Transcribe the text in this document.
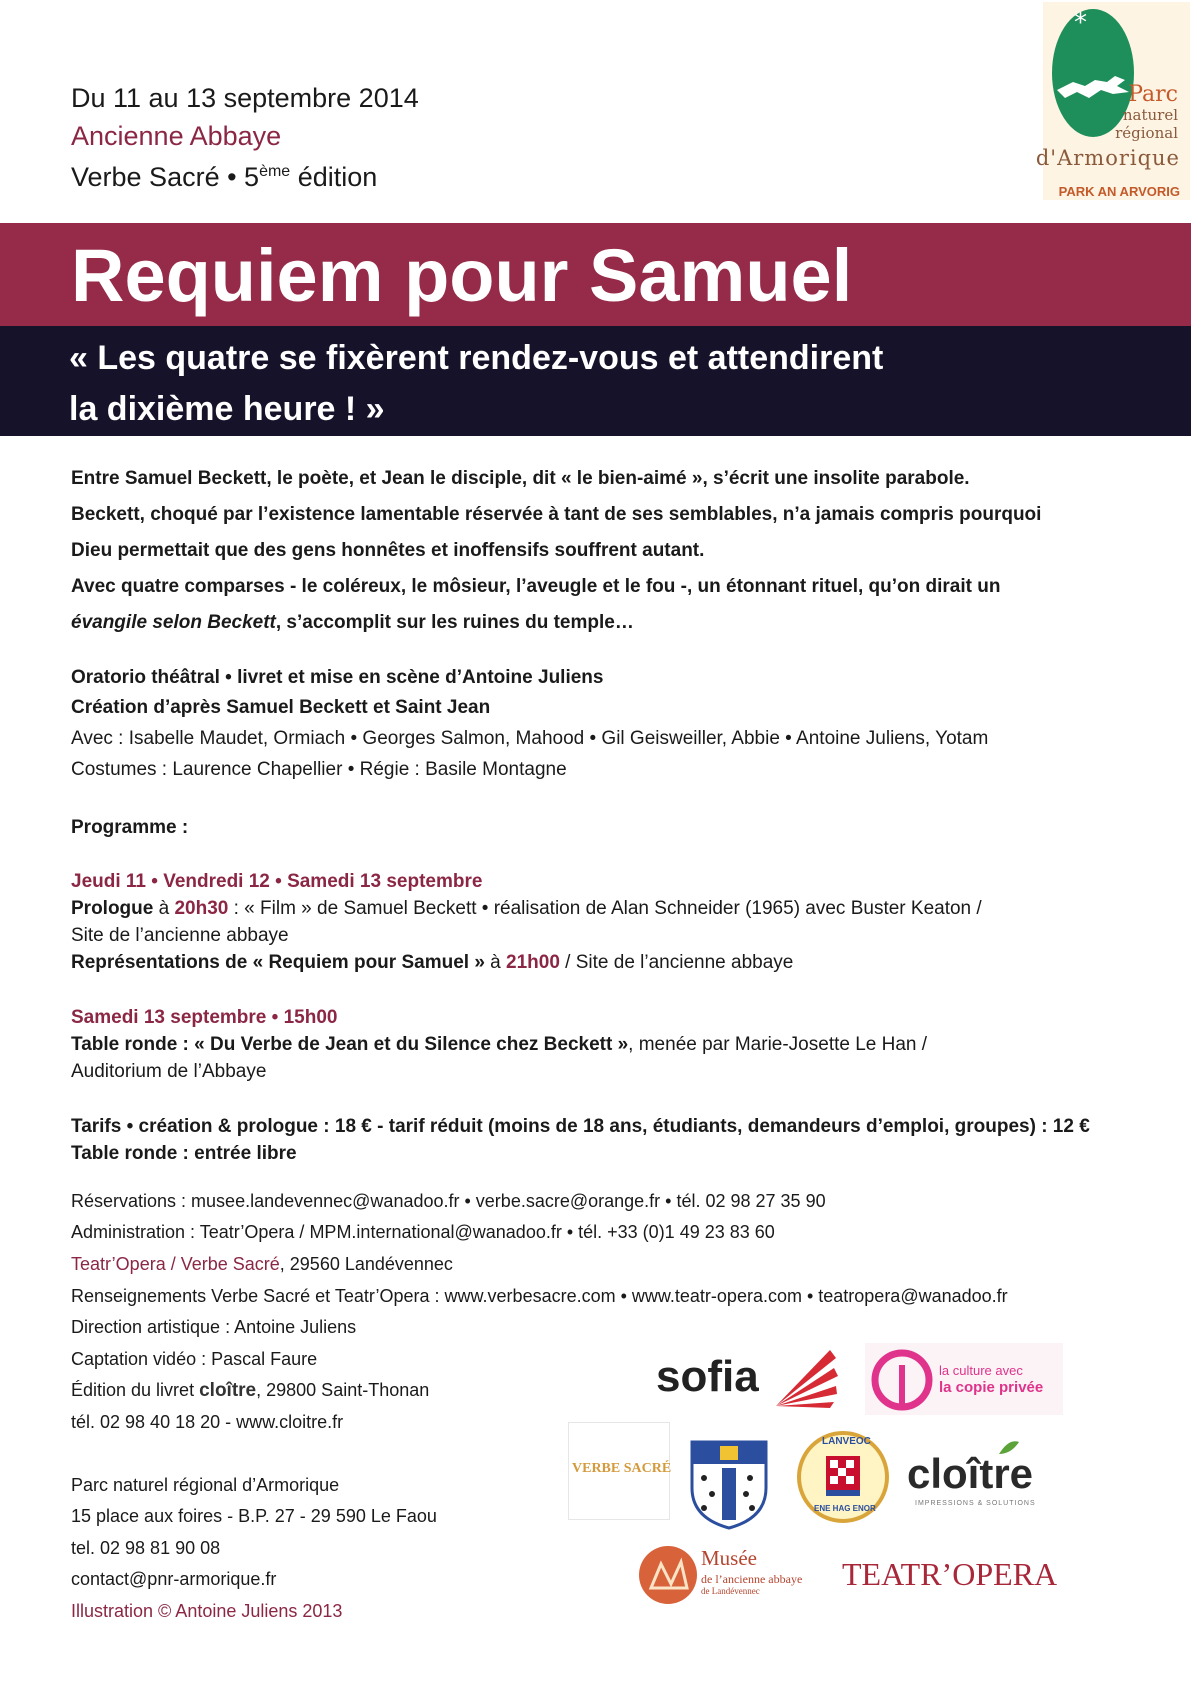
Du 11 au 13 septembre 2014
Ancienne Abbaye
Verbe Sacré • 5ème édition
*
Parc
naturel
régional
d'Armorique
PARK AN ARVORIG
Requiem pour Samuel
« Les quatre se fixèrent rendez-vous et attendirent
la dixième heure ! »
Entre Samuel Beckett, le poète, et Jean le disciple, dit « le bien-aimé », s’écrit une insolite parabole.
Beckett, choqué par l’existence lamentable réservée à tant de ses semblables, n’a jamais compris pourquoi
Dieu permettait que des gens honnêtes et inoffensifs souffrent autant.
Avec quatre comparses - le coléreux, le môsieur, l’aveugle et le fou -, un étonnant rituel, qu’on dirait un
évangile selon Beckett, s’accomplit sur les ruines du temple…
Oratorio théâtral • livret et mise en scène d’Antoine Juliens
Création d’après Samuel Beckett et Saint Jean
Avec : Isabelle Maudet, Ormiach • Georges Salmon, Mahood • Gil Geisweiller, Abbie • Antoine Juliens, Yotam
Costumes : Laurence Chapellier • Régie : Basile Montagne
Programme :
Jeudi 11 • Vendredi 12 • Samedi 13 septembre
Prologue à 20h30 : « Film » de Samuel Beckett • réalisation de Alan Schneider (1965) avec Buster Keaton /
Site de l’ancienne abbaye
Représentations de « Requiem pour Samuel » à 21h00 / Site de l’ancienne abbaye
Samedi 13 septembre • 15h00
Table ronde : « Du Verbe de Jean et du Silence chez Beckett », menée par Marie-Josette Le Han /
Auditorium de l’Abbaye
Tarifs • création & prologue : 18 € - tarif réduit (moins de 18 ans, étudiants, demandeurs d’emploi, groupes) : 12 €
Table ronde : entrée libre
Réservations : musee.landevennec@wanadoo.fr • verbe.sacre@orange.fr • tél. 02 98 27 35 90
Administration : Teatr’Opera / MPM.international@wanadoo.fr • tél. +33 (0)1 49 23 83 60
Teatr’Opera / Verbe Sacré, 29560 Landévennec
Renseignements Verbe Sacré et Teatr’Opera : www.verbesacre.com • www.teatr-opera.com • teatropera@wanadoo.fr
Direction artistique : Antoine Juliens
Captation vidéo : Pascal Faure
Édition du livret cloître, 29800 Saint-Thonan
tél. 02 98 40 18 20 - www.cloitre.fr
Parc naturel régional d’Armorique
15 place aux foires - B.P. 27 - 29 590 Le Faou
tel. 02 98 81 90 08
contact@pnr-armorique.fr
Illustration © Antoine Juliens 2013
sofia	la culture avec
la copie privée
VERBE SACRÉ
LANVEOC
ENE HAG ENOR
cloître
IMPRESSIONS & SOLUTIONS
Musée
de l’ancienne abbaye
de Landévennec	TEATR’OPERA
